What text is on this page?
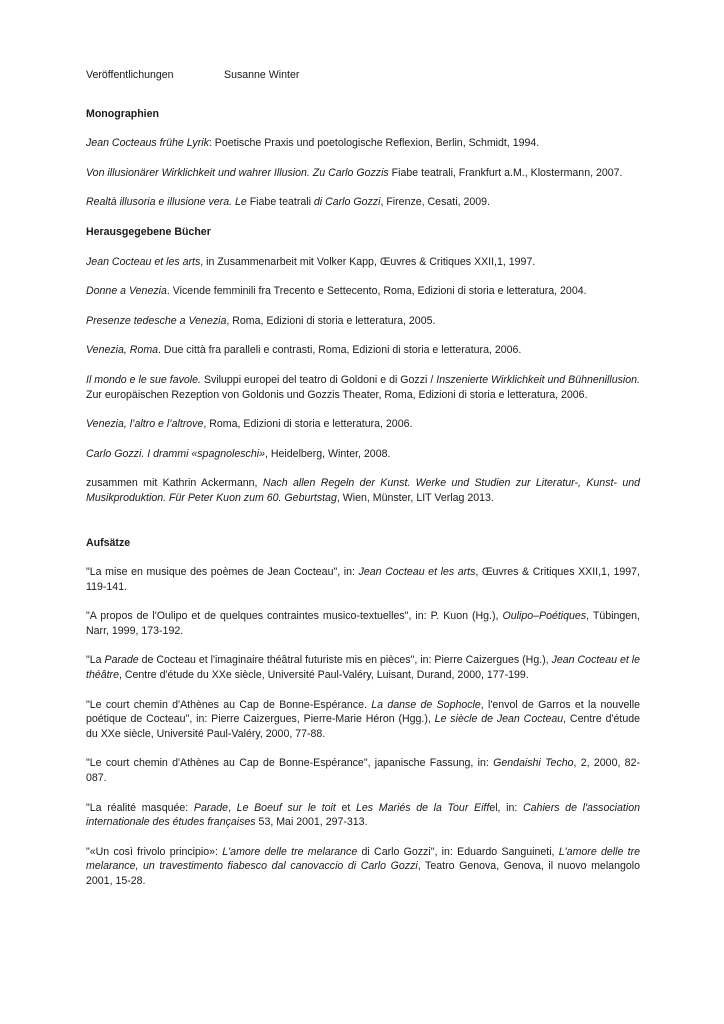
Veröffentlichungen	Susanne Winter
Monographien

Jean Cocteaus frühe Lyrik: Poetische Praxis und poetologische Reflexion, Berlin, Schmidt, 1994.

Von illusionärer Wirklichkeit und wahrer Illusion. Zu Carlo Gozzis Fiabe teatrali, Frankfurt a.M., Klostermann, 2007.

Realtà illusoria e illusione vera. Le Fiabe teatrali di Carlo Gozzi, Firenze, Cesati, 2009.

Herausgegebene Bücher

Jean Cocteau et les arts, in Zusammenarbeit mit Volker Kapp, Œuvres & Critiques XXII,1, 1997.

Donne a Venezia. Vicende femminili fra Trecento e Settecento, Roma, Edizioni di storia e letteratura, 2004.

Presenze tedesche a Venezia, Roma, Edizioni di storia e letteratura, 2005.

Venezia, Roma. Due città fra paralleli e contrasti, Roma, Edizioni di storia e letteratura, 2006.

Il mondo e le sue favole. Sviluppi europei del teatro di Goldoni e di Gozzi / Inszenierte Wirklichkeit und Bühnenillusion. Zur europäischen Rezeption von Goldonis und Gozzis Theater, Roma, Edizioni di storia e letteratura, 2006.

Venezia, l’altro e l’altrove, Roma, Edizioni di storia e letteratura, 2006.

Carlo Gozzi. I drammi «spagnoleschi», Heidelberg, Winter, 2008.

zusammen mit Kathrin Ackermann, Nach allen Regeln der Kunst. Werke und Studien zur Literatur-, Kunst- und Musikproduktion. Für Peter Kuon zum 60. Geburtstag, Wien, Münster, LIT Verlag 2013.

Aufsätze

"La mise en musique des poèmes de Jean Cocteau", in: Jean Cocteau et les arts, Œuvres & Critiques XXII,1, 1997, 119-141.

"A propos de l'Oulipo et de quelques contraintes musico-textuelles", in: P. Kuon (Hg.), Oulipo–Poétiques, Tübingen, Narr, 1999, 173-192.

"La Parade de Cocteau et l'imaginaire théâtral futuriste mis en pièces", in: Pierre Caizergues (Hg.), Jean Cocteau et le théâtre, Centre d'étude du XXe siècle, Université Paul-Valéry, Luisant, Durand, 2000, 177-199.

"Le court chemin d'Athènes au Cap de Bonne-Espérance. La danse de Sophocle, l'envol de Garros et la nouvelle poétique de Cocteau", in: Pierre Caizergues, Pierre-Marie Héron (Hgg.), Le siècle de Jean Cocteau, Centre d'étude du XXe siècle, Université Paul-Valéry, 2000, 77-88.

"Le court chemin d'Athènes au Cap de Bonne-Espérance", japanische Fassung, in: Gendaishi Techo, 2, 2000, 82-087.

"La réalité masquée: Parade, Le Boeuf sur le toit et Les Mariés de la Tour Eiffel, in: Cahiers de l'association internationale des études françaises 53, Mai 2001, 297-313.

"«Un così frivolo principio»: L'amore delle tre melarance di Carlo Gozzi", in: Eduardo Sanguineti, L'amore delle tre melarance, un travestimento fiabesco dal canovaccio di Carlo Gozzi, Teatro Genova, Genova, il nuovo melangolo 2001, 15-28.
